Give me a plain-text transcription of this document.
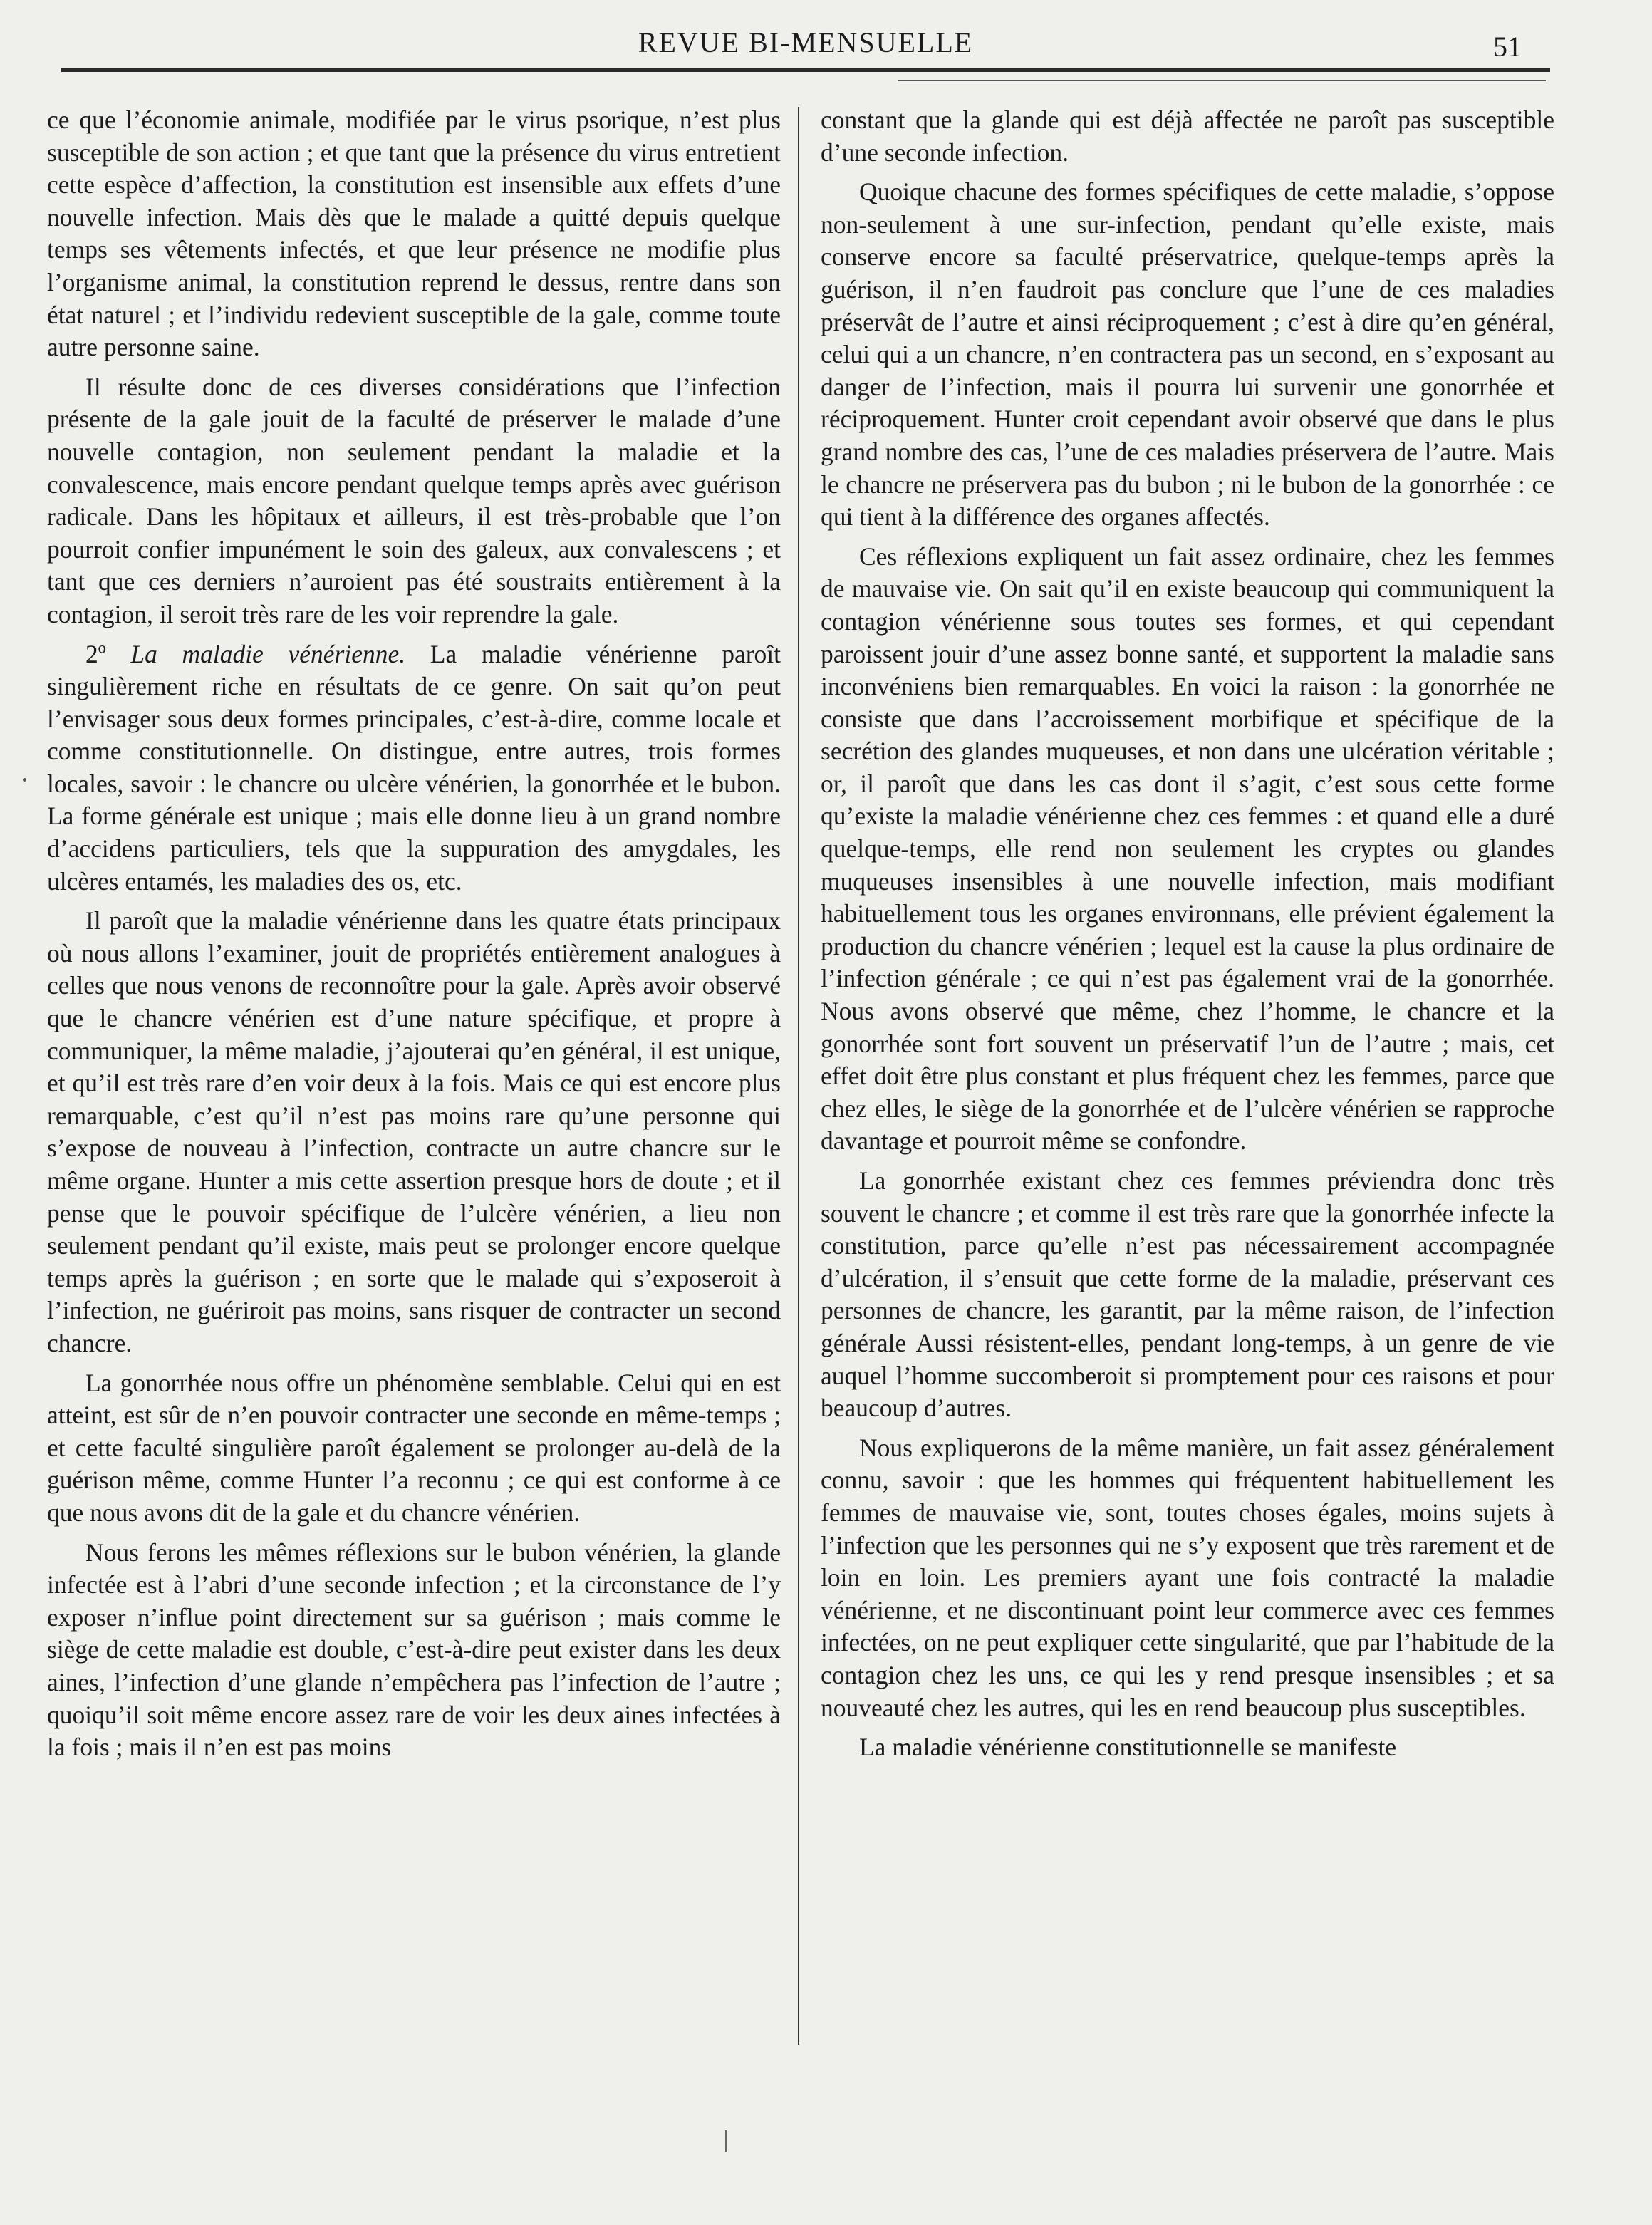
REVUE BI-MENSUELLE	51

ce que l’économie animale, modifiée par le virus psorique, n’est plus susceptible de son action ; et que tant que la présence du virus entretient cette espèce d’affection, la constitution est insensible aux effets d’une nouvelle infection. Mais dès que le malade a quitté depuis quelque temps ses vêtements infectés, et que leur présence ne modifie plus l’organisme animal, la constitution reprend le dessus, rentre dans son état naturel ; et l’individu redevient susceptible de la gale, comme toute autre personne saine.

Il résulte donc de ces diverses considérations que l’infection présente de la gale jouit de la faculté de préserver le malade d’une nouvelle contagion, non seulement pendant la maladie et la convalescence, mais encore pendant quelque temps après avec guérison radicale. Dans les hôpitaux et ailleurs, il est très-probable que l’on pourroit confier impunément le soin des galeux, aux convalescens ; et tant que ces derniers n’auroient pas été soustraits entièrement à la contagion, il seroit très rare de les voir reprendre la gale.

2º La maladie vénérienne. La maladie vénérienne paroît singulièrement riche en résultats de ce genre. On sait qu’on peut l’envisager sous deux formes principales, c’est-à-dire, comme locale et comme constitutionnelle. On distingue, entre autres, trois formes locales, savoir : le chancre ou ulcère vénérien, la gonorrhée et le bubon. La forme générale est unique ; mais elle donne lieu à un grand nombre d’accidens particuliers, tels que la suppuration des amygdales, les ulcères entamés, les maladies des os, etc.

Il paroît que la maladie vénérienne dans les quatre états principaux où nous allons l’examiner, jouit de propriétés entièrement analogues à celles que nous venons de reconnoître pour la gale. Après avoir observé que le chancre vénérien est d’une nature spécifique, et propre à communiquer, la même maladie, j’ajouterai qu’en général, il est unique, et qu’il est très rare d’en voir deux à la fois. Mais ce qui est encore plus remarquable, c’est qu’il n’est pas moins rare qu’une personne qui s’expose de nouveau à l’infection, contracte un autre chancre sur le même organe. Hunter a mis cette assertion presque hors de doute ; et il pense que le pouvoir spécifique de l’ulcère vénérien, a lieu non seulement pendant qu’il existe, mais peut se prolonger encore quelque temps après la guérison ; en sorte que le malade qui s’exposeroit à l’infection, ne guériroit pas moins, sans risquer de contracter un second chancre.

La gonorrhée nous offre un phénomène semblable. Celui qui en est atteint, est sûr de n’en pouvoir contracter une seconde en même-temps ; et cette faculté singulière paroît également se prolonger au-delà de la guérison même, comme Hunter l’a reconnu ; ce qui est conforme à ce que nous avons dit de la gale et du chancre vénérien.

Nous ferons les mêmes réflexions sur le bubon vénérien, la glande infectée est à l’abri d’une seconde infection ; et la circonstance de l’y exposer n’influe point directement sur sa guérison ; mais comme le siège de cette maladie est double, c’est-à-dire peut exister dans les deux aines, l’infection d’une glande n’empêchera pas l’infection de l’autre ; quoiqu’il soit même encore assez rare de voir les deux aines infectées à la fois ; mais il n’en est pas moins

constant que la glande qui est déjà affectée ne paroît pas susceptible d’une seconde infection.

Quoique chacune des formes spécifiques de cette maladie, s’oppose non-seulement à une sur-infection, pendant qu’elle existe, mais conserve encore sa faculté préservatrice, quelque-temps après la guérison, il n’en faudroit pas conclure que l’une de ces maladies préservât de l’autre et ainsi réciproquement ; c’est à dire qu’en général, celui qui a un chancre, n’en contractera pas un second, en s’exposant au danger de l’infection, mais il pourra lui survenir une gonorrhée et réciproquement. Hunter croit cependant avoir observé que dans le plus grand nombre des cas, l’une de ces maladies préservera de l’autre. Mais le chancre ne préservera pas du bubon ; ni le bubon de la gonorrhée : ce qui tient à la différence des organes affectés.

Ces réflexions expliquent un fait assez ordinaire, chez les femmes de mauvaise vie. On sait qu’il en existe beaucoup qui communiquent la contagion vénérienne sous toutes ses formes, et qui cependant paroissent jouir d’une assez bonne santé, et supportent la maladie sans inconvéniens bien remarquables. En voici la raison : la gonorrhée ne consiste que dans l’accroissement morbifique et spécifique de la secrétion des glandes muqueuses, et non dans une ulcération véritable ; or, il paroît que dans les cas dont il s’agit, c’est sous cette forme qu’existe la maladie vénérienne chez ces femmes : et quand elle a duré quelque-temps, elle rend non seulement les cryptes ou glandes muqueuses insensibles à une nouvelle infection, mais modifiant habituellement tous les organes environnans, elle prévient également la production du chancre vénérien ; lequel est la cause la plus ordinaire de l’infection générale ; ce qui n’est pas également vrai de la gonorrhée. Nous avons observé que même, chez l’homme, le chancre et la gonorrhée sont fort souvent un préservatif l’un de l’autre ; mais, cet effet doit être plus constant et plus fréquent chez les femmes, parce que chez elles, le siège de la gonorrhée et de l’ulcère vénérien se rapproche davantage et pourroit même se confondre.

La gonorrhée existant chez ces femmes préviendra donc très souvent le chancre ; et comme il est très rare que la gonorrhée infecte la constitution, parce qu’elle n’est pas nécessairement accompagnée d’ulcération, il s’ensuit que cette forme de la maladie, préservant ces personnes de chancre, les garantit, par la même raison, de l’infection générale Aussi résistent-elles, pendant long-temps, à un genre de vie auquel l’homme succomberoit si promptement pour ces raisons et pour beaucoup d’autres.

Nous expliquerons de la même manière, un fait assez généralement connu, savoir : que les hommes qui fréquentent habituellement les femmes de mauvaise vie, sont, toutes choses égales, moins sujets à l’infection que les personnes qui ne s’y exposent que très rarement et de loin en loin. Les premiers ayant une fois contracté la maladie vénérienne, et ne discontinuant point leur commerce avec ces femmes infectées, on ne peut expliquer cette singularité, que par l’habitude de la contagion chez les uns, ce qui les y rend presque insensibles ; et sa nouveauté chez les autres, qui les en rend beaucoup plus susceptibles.

La maladie vénérienne constitutionnelle se manifeste
